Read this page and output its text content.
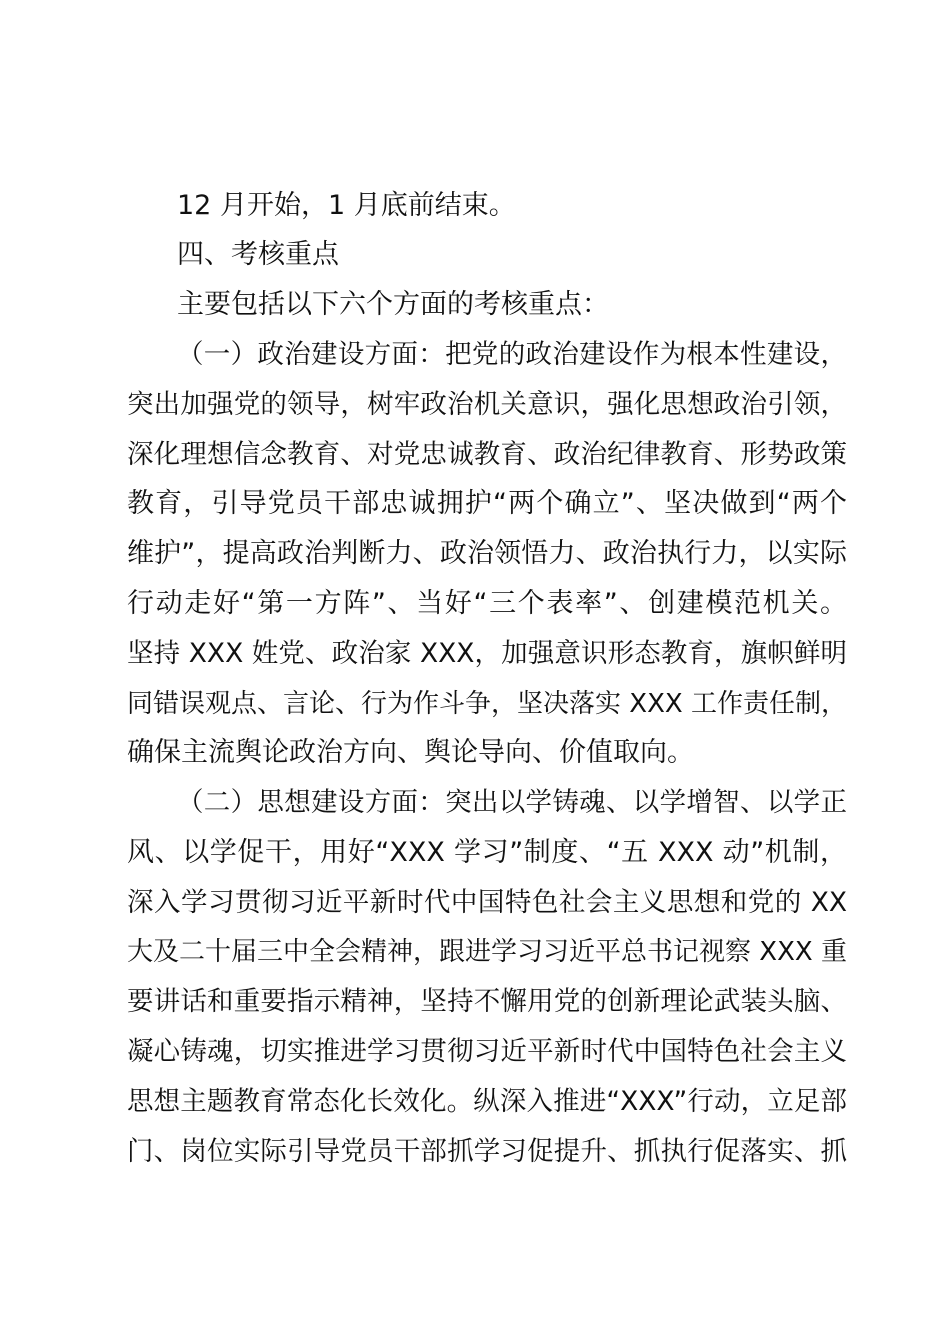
12 月开始，1 月底前结束。
四、考核重点
主要包括以下六个方面的考核重点：
（一）政治建设方面：把党的政治建设作为根本性建设，
突出加强党的领导，树牢政治机关意识，强化思想政治引领，
深化理想信念教育、对党忠诚教育、政治纪律教育、形势政策
教育，引导党员干部忠诚拥护“两个确立”、坚决做到“两个
维护”，提高政治判断力、政治领悟力、政治执行力，以实际
行动走好“第一方阵”、当好“三个表率”、创建模范机关。
坚持 XXX 姓党、政治家 XXX，加强意识形态教育，旗帜鲜明
同错误观点、言论、行为作斗争，坚决落实 XXX 工作责任制，
确保主流舆论政治方向、舆论导向、价值取向。
（二）思想建设方面：突出以学铸魂、以学增智、以学正
风、以学促干，用好“XXX 学习”制度、“五 XXX 动”机制，
深入学习贯彻习近平新时代中国特色社会主义思想和党的 XX
大及二十届三中全会精神，跟进学习习近平总书记视察 XXX 重
要讲话和重要指示精神，坚持不懈用党的创新理论武装头脑、
凝心铸魂，切实推进学习贯彻习近平新时代中国特色社会主义
思想主题教育常态化长效化。纵深入推进“XXX”行动，立足部
门、岗位实际引导党员干部抓学习促提升、抓执行促落实、抓
